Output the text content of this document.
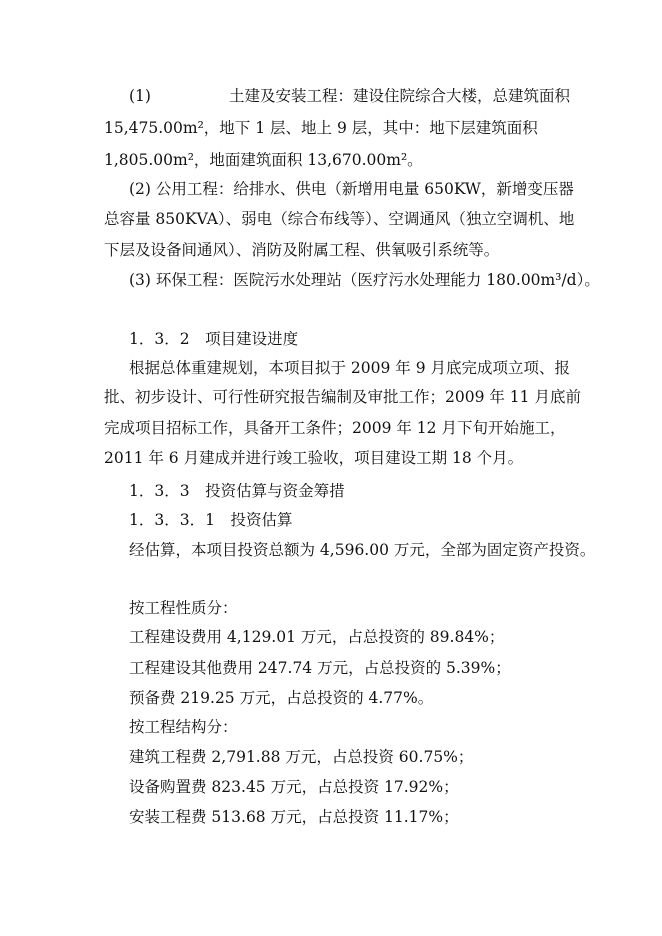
(1)	土建及安装工程：建设住院综合大楼，总建筑面积
15,475.00m²，地下 1 层、地上 9 层，其中：地下层建筑面积
1,805.00m²，地面建筑面积 13,670.00m²。
(2) 公用工程：给排水、供电（新增用电量 650KW，新增变压器
总容量 850KVA）、弱电（综合布线等）、空调通风（独立空调机、地
下层及设备间通风）、消防及附属工程、供氧吸引系统等。
(3) 环保工程：医院污水处理站（医疗污水处理能力 180.00m³/d）。
1．3．2　项目建设进度
根据总体重建规划，本项目拟于 2009 年 9 月底完成项立项、报
批、初步设计、可行性研究报告编制及审批工作；2009 年 11 月底前
完成项目招标工作，具备开工条件；2009 年 12 月下旬开始施工，
2011 年 6 月建成并进行竣工验收，项目建设工期 18 个月。
1．3．3　投资估算与资金筹措
1．3．3．1　投资估算
经估算，本项目投资总额为 4,596.00 万元，全部为固定资产投资。
按工程性质分：
工程建设费用 4,129.01 万元，占总投资的 89.84%；
工程建设其他费用 247.74 万元，占总投资的 5.39%；
预备费 219.25 万元，占总投资的 4.77%。
按工程结构分：
建筑工程费 2,791.88 万元，占总投资 60.75%；
设备购置费 823.45 万元，占总投资 17.92%；
安装工程费 513.68 万元，占总投资 11.17%；
